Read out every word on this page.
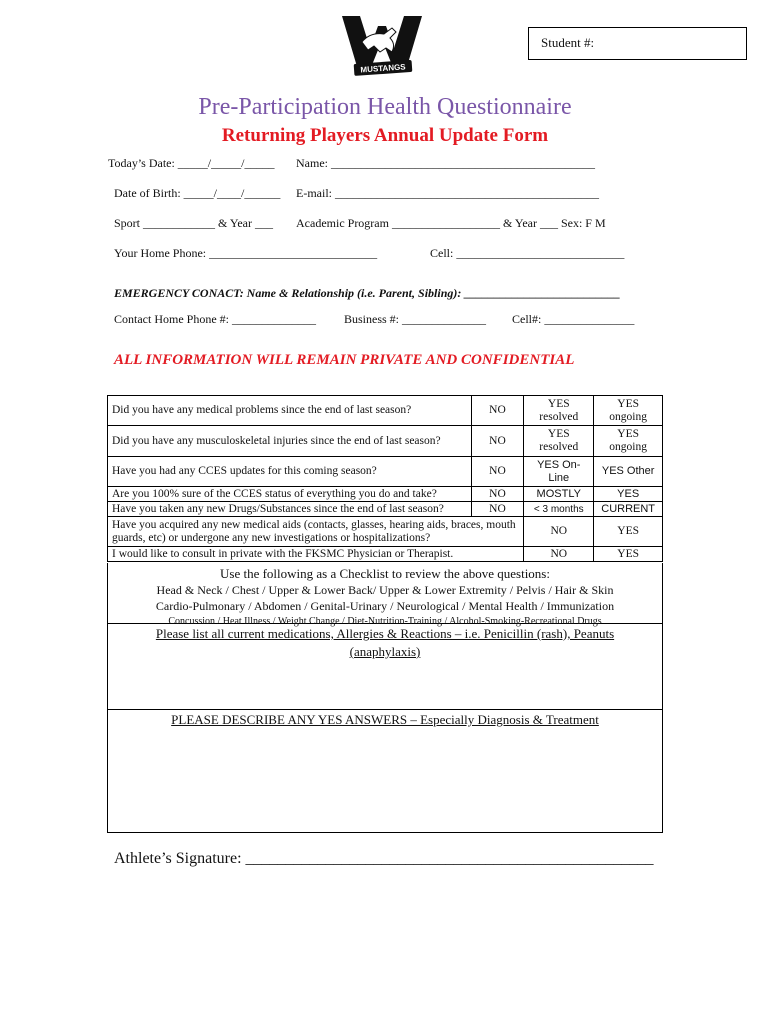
MUSTANGS
Student #:
Pre-Participation Health Questionnaire
Returning Players Annual Update Form
Today’s Date: _____/_____/_____ Name: ____________________________________________
Date of Birth: _____/____/______ E-mail: ____________________________________________
Sport ____________ & Year ___ Academic Program __________________ & Year ___ Sex: F M
Your Home Phone: ____________________________	Cell: ____________________________
EMERGENCY CONACT: Name & Relationship (i.e. Parent, Sibling): __________________________
Contact Home Phone #: ______________ Business #: ______________ Cell#: _______________
ALL INFORMATION WILL REMAIN PRIVATE AND CONFIDENTIAL
Did you have any medical problems since the end of last season?	NO	YES resolved	YES ongoing
Did you have any musculoskeletal injuries since the end of last season?	NO	YES resolved	YES ongoing
Have you had any CCES updates for this coming season?	NO	YES On-Line	YES Other
Are you 100% sure of the CCES status of everything you do and take?	NO	MOSTLY	YES
Have you taken any new Drugs/Substances since the end of last season?	NO	< 3 months	CURRENT
Have you acquired any new medical aids (contacts, glasses, hearing aids, braces, mouth guards, etc) or undergone any new investigations or hospitalizations?		NO	YES
I would like to consult in private with the FKSMC Physician or Therapist.		NO	YES
Use the following as a Checklist to review the above questions:
Head & Neck / Chest / Upper & Lower Back/ Upper & Lower Extremity / Pelvis / Hair & Skin
Cardio-Pulmonary / Abdomen / Genital-Urinary / Neurological / Mental Health / Immunization
Concussion / Heat Illness / Weight Change / Diet-Nutrition-Training / Alcohol-Smoking-Recreational Drugs
Please list all current medications, Allergies & Reactions – i.e. Penicillin (rash), Peanuts
(anaphylaxis)
PLEASE DESCRIBE ANY YES ANSWERS – Especially Diagnosis & Treatment
Athlete’s Signature: ___________________________________________________
